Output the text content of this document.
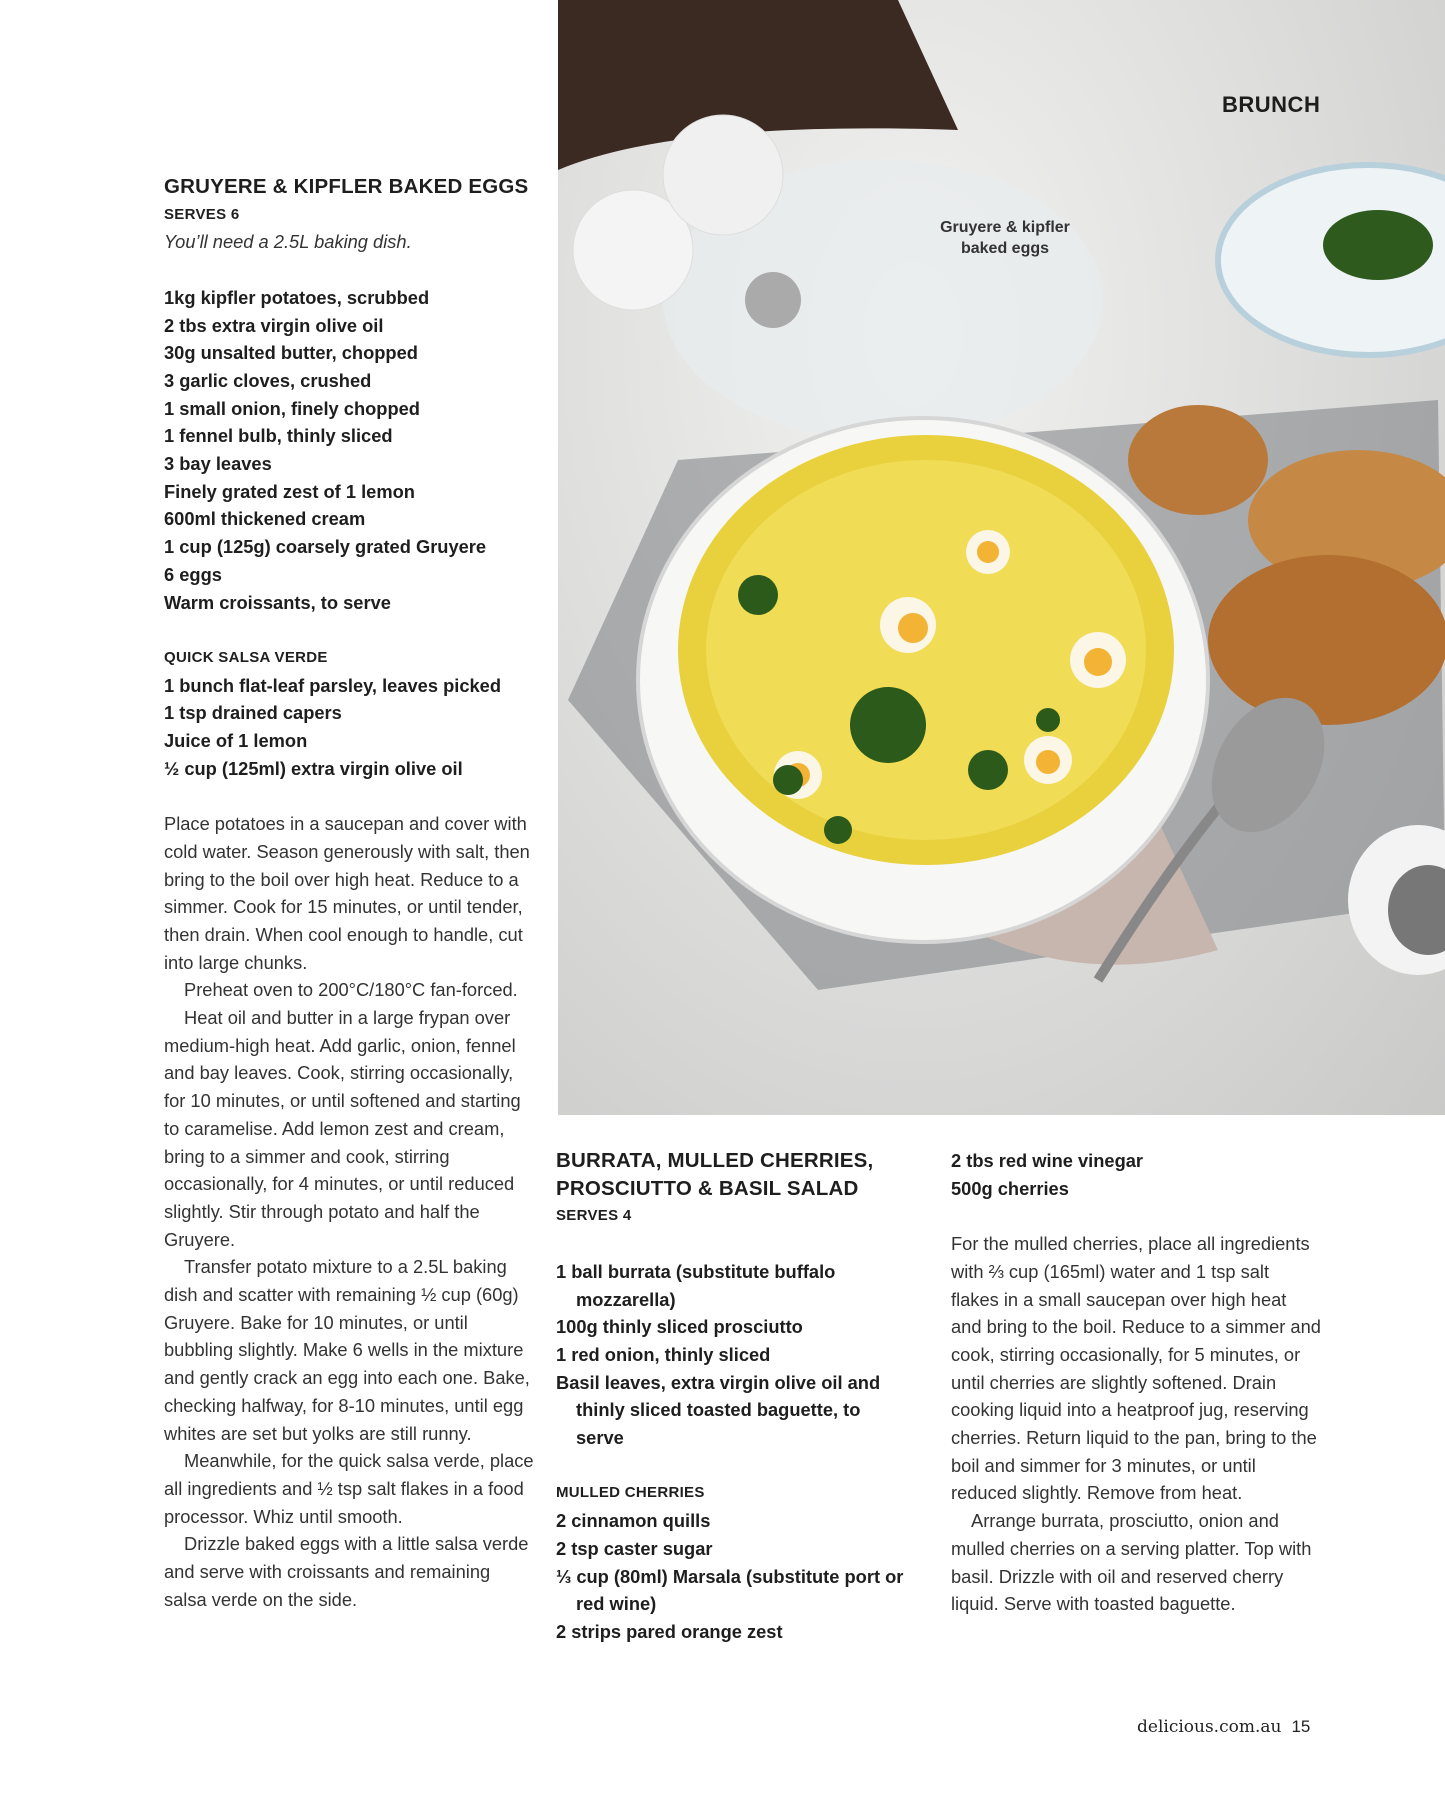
BRUNCH
Gruyere & kipfler
baked eggs
GRUYERE & KIPFLER BAKED EGGS
SERVES 6
You’ll need a 2.5L baking dish.
1kg kipfler potatoes, scrubbed
2 tbs extra virgin olive oil
30g unsalted butter, chopped
3 garlic cloves, crushed
1 small onion, finely chopped
1 fennel bulb, thinly sliced
3 bay leaves
Finely grated zest of 1 lemon
600ml thickened cream
1 cup (125g) coarsely grated Gruyere
6 eggs
Warm croissants, to serve
QUICK SALSA VERDE
1 bunch flat-leaf parsley, leaves picked
1 tsp drained capers
Juice of 1 lemon
½ cup (125ml) extra virgin olive oil

Place potatoes in a saucepan and cover with cold water. Season generously with salt, then bring to the boil over high heat. Reduce to a simmer. Cook for 15 minutes, or until tender, then drain. When cool enough to handle, cut into large chunks.

Preheat oven to 200°C/180°C fan-forced.

Heat oil and butter in a large frypan over medium-high heat. Add garlic, onion, fennel and bay leaves. Cook, stirring occasionally, for 10 minutes, or until softened and starting to caramelise. Add lemon zest and cream, bring to a simmer and cook, stirring occasionally, for 4 minutes, or until reduced slightly. Stir through potato and half the Gruyere.

Transfer potato mixture to a 2.5L baking dish and scatter with remaining ½ cup (60g) Gruyere. Bake for 10 minutes, or until bubbling slightly. Make 6 wells in the mixture and gently crack an egg into each one. Bake, checking halfway, for 8-10 minutes, until egg whites are set but yolks are still runny.

Meanwhile, for the quick salsa verde, place all ingredients and ½ tsp salt flakes in a food processor. Whiz until smooth.

Drizzle baked eggs with a little salsa verde and serve with croissants and remaining salsa verde on the side.

BURRATA, MULLED CHERRIES, PROSCIUTTO & BASIL SALAD
SERVES 4
1 ball burrata (substitute buffalo mozzarella)
100g thinly sliced prosciutto
1 red onion, thinly sliced
Basil leaves, extra virgin olive oil and thinly sliced toasted baguette, to serve
MULLED CHERRIES
2 cinnamon quills
2 tsp caster sugar
⅓ cup (80ml) Marsala (substitute port or red wine)
2 strips pared orange zest
2 tbs red wine vinegar
500g cherries

For the mulled cherries, place all ingredients with ⅔ cup (165ml) water and 1 tsp salt flakes in a small saucepan over high heat and bring to the boil. Reduce to a simmer and cook, stirring occasionally, for 5 minutes, or until cherries are slightly softened. Drain cooking liquid into a heatproof jug, reserving cherries. Return liquid to the pan, bring to the boil and simmer for 3 minutes, or until reduced slightly. Remove from heat.

Arrange burrata, prosciutto, onion and mulled cherries on a serving platter. Top with basil. Drizzle with oil and reserved cherry liquid. Serve with toasted baguette.

delicious.com.au 15
